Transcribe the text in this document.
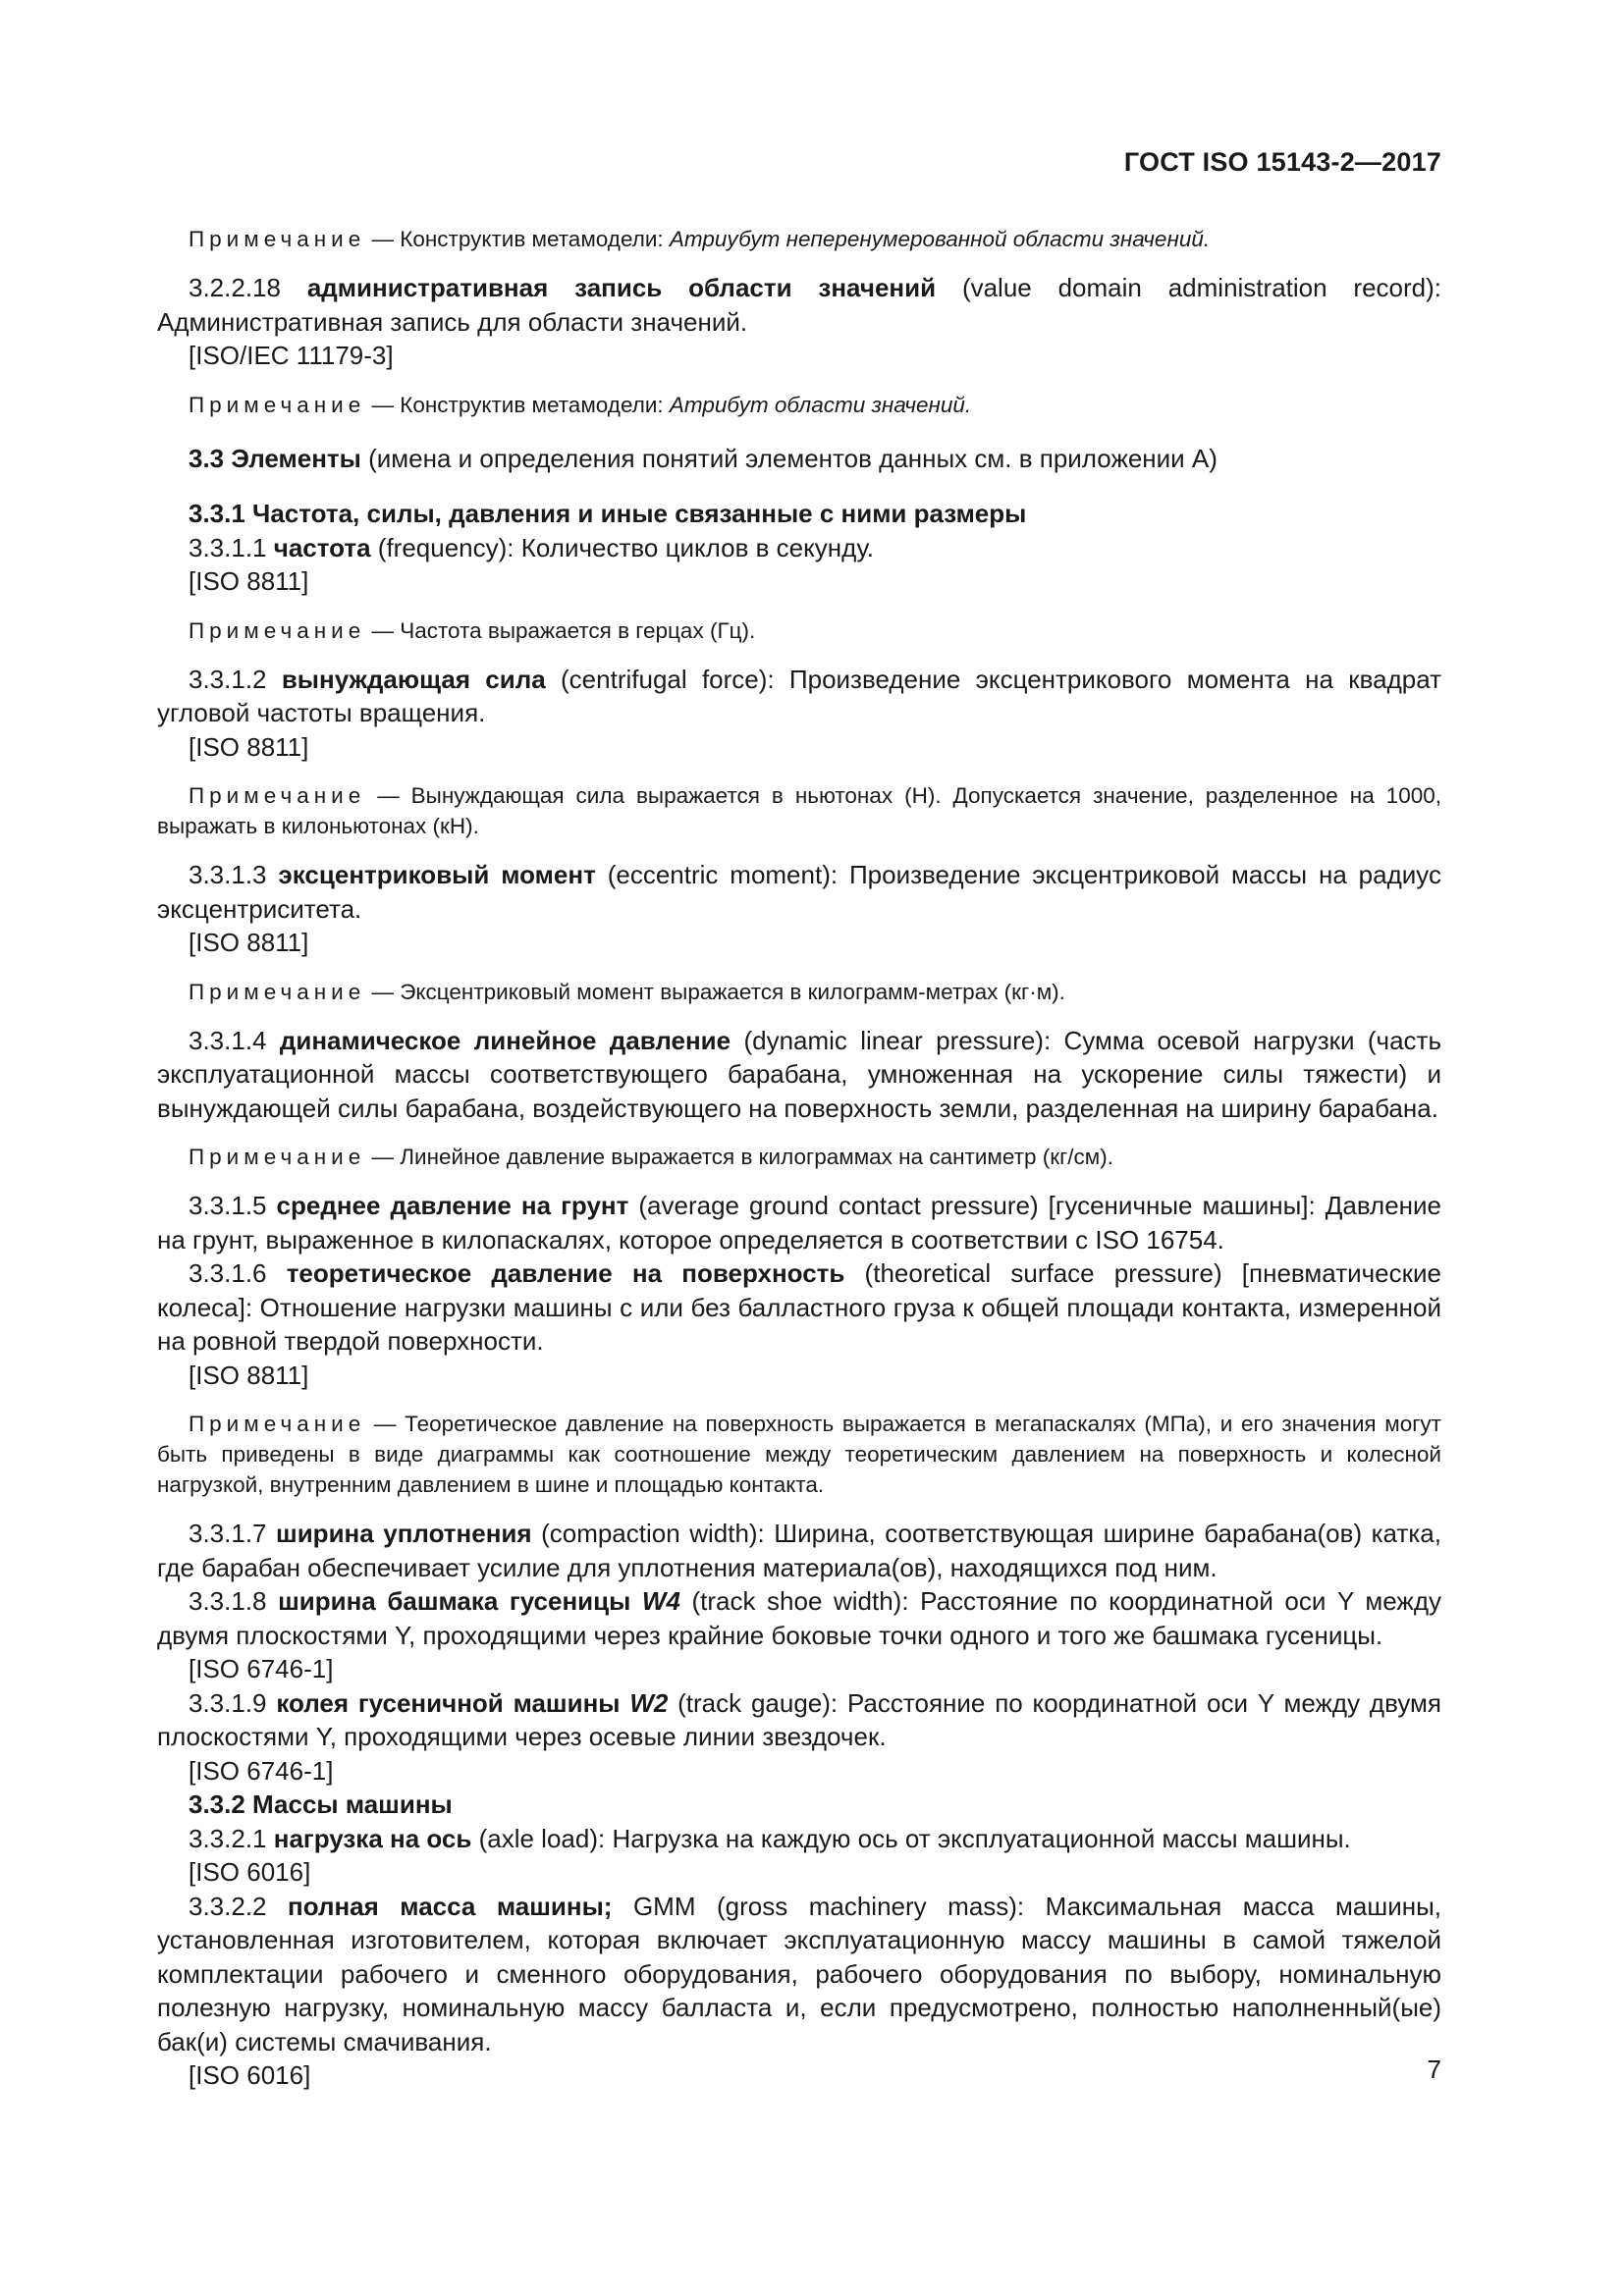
ГОСТ ISO 15143-2—2017

Примечание — Конструктив метамодели: Атриубут неперенумерованной области значений.

3.2.2.18 административная запись области значений (value domain administration record): Административная запись для области значений.

[ISO/IEC 11179-3]

Примечание — Конструктив метамодели: Атрибут области значений.

3.3 Элементы (имена и определения понятий элементов данных см. в приложении А)

3.3.1 Частота, силы, давления и иные связанные с ними размеры

3.3.1.1 частота (frequency): Количество циклов в секунду.

[ISO 8811]

Примечание — Частота выражается в герцах (Гц).

3.3.1.2 вынуждающая сила (centrifugal force): Произведение эксцентрикового момента на квадрат угловой частоты вращения.

[ISO 8811]

Примечание — Вынуждающая сила выражается в ньютонах (Н). Допускается значение, разделенное на 1000, выражать в килоньютонах (кН).

3.3.1.3 эксцентриковый момент (eccentric moment): Произведение эксцентриковой массы на радиус эксцентриситета.

[ISO 8811]

Примечание — Эксцентриковый момент выражается в килограмм-метрах (кг·м).

3.3.1.4 динамическое линейное давление (dynamic linear pressure): Сумма осевой нагрузки (часть эксплуатационной массы соответствующего барабана, умноженная на ускорение силы тяжести) и вынуждающей силы барабана, воздействующего на поверхность земли, разделенная на ширину барабана.

Примечание — Линейное давление выражается в килограммах на сантиметр (кг/см).

3.3.1.5 среднее давление на грунт (average ground contact pressure) [гусеничные машины]: Давление на грунт, выраженное в килопаскалях, которое определяется в соответствии с ISO 16754.

3.3.1.6 теоретическое давление на поверхность (theoretical surface pressure) [пневматические колеса]: Отношение нагрузки машины с или без балластного груза к общей площади контакта, измеренной на ровной твердой поверхности.

[ISO 8811]

Примечание — Теоретическое давление на поверхность выражается в мегапаскалях (МПа), и его значения могут быть приведены в виде диаграммы как соотношение между теоретическим давлением на поверхность и колесной нагрузкой, внутренним давлением в шине и площадью контакта.

3.3.1.7 ширина уплотнения (compaction width): Ширина, соответствующая ширине барабана(ов) катка, где барабан обеспечивает усилие для уплотнения материала(ов), находящихся под ним.

3.3.1.8 ширина башмака гусеницы W4 (track shoe width): Расстояние по координатной оси Y между двумя плоскостями Y, проходящими через крайние боковые точки одного и того же башмака гусеницы.

[ISO 6746-1]

3.3.1.9 колея гусеничной машины W2 (track gauge): Расстояние по координатной оси Y между двумя плоскостями Y, проходящими через осевые линии звездочек.

[ISO 6746-1]

3.3.2 Массы машины

3.3.2.1 нагрузка на ось (axle load): Нагрузка на каждую ось от эксплуатационной массы машины.

[ISO 6016]

3.3.2.2 полная масса машины; GMM (gross machinery mass): Максимальная масса машины, установленная изготовителем, которая включает эксплуатационную массу машины в самой тяжелой комплектации рабочего и сменного оборудования, рабочего оборудования по выбору, номинальную полезную нагрузку, номинальную массу балласта и, если предусмотрено, полностью наполненный(ые) бак(и) системы смачивания.

[ISO 6016]	7
